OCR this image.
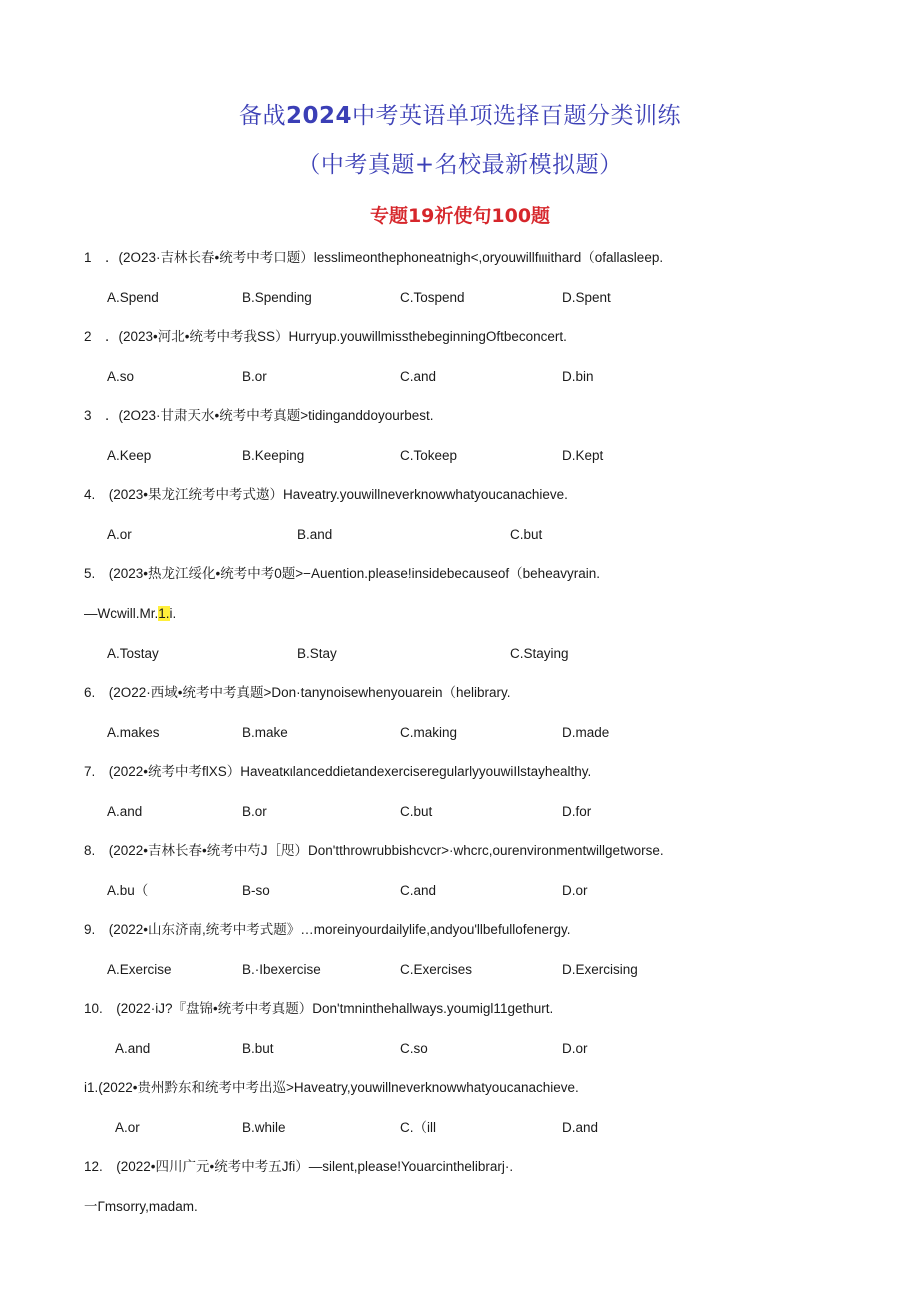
备战2024中考英语单项选择百题分类训练
（中考真题+名校最新模拟题）
专题19祈使句100题
1　．(2O23·吉林长春•统考中考口题）lesslimeonthephoneatnigh<,oryouwillfιιιithard（ofallasleep.
A.Spend	B.Spending	C.Tospend	D.Spent
2　．(2023•河北•统考中考我SS）Hurryup.youwillmissthebeginningOftbeconcert.
A.so	B.or	C.and	D.bin
3　．(2O23·甘肃天水•统考中考真题>tidinganddoyourbest.
A.Keep	B.Keeping	C.Tokeep	D.Kept
4.　(2023•果龙江统考中考式遨）Haveatry.youwillneverknowwhatyoucanachieve.
A.or	B.and	C.but
5.　(2023•热龙江绥化•统考中考0题>−Auention.please!insidebecauseof（beheavyrain.
—Wcwill.Mr.1.i.
A.Tostay	B.Stay	C.Staying
6.　(2O22·西域•统考中考真题>Don·tanynoisewhenyouarein（helibrary.
A.makes	B.make	C.making	D.made
7.　(2022•统考中考flXS）HaveatκιlanceddietandexerciseregularlyyouwiIlstayhealthy.
A.and	B.or	C.but	D.for
8.　(2022•吉林长春•统考中芍J［咫）Don'tthrowrubbishcvcr>·whcrc,ourenvironmentwillgetworse.
A.bu（	B-so	C.and	D.or
9.　(2022•山东济南,统考中考式题》…moreinyourdailylife,andyou'llbefullofenergy.
A.Exercise	B.·Ibexercise	C.Exercises	D.Exercising
10.　(2022·iJ?『盘锦•统考中考真题）Don'tmninthehallways.youmigl11gethurt.
A.and	B.but	C.so	D.or
i1.(2022•贵州黔东和统考中考出巡>Haveatry,youwillneverknowwhatyoucanachieve.
A.or	B.while	C.（ill	D.and
12.　(2022•四川广元•统考中考五Jfi）—silent,please!Youarcinthelibrarj·.
一Γmsorry,madam.
